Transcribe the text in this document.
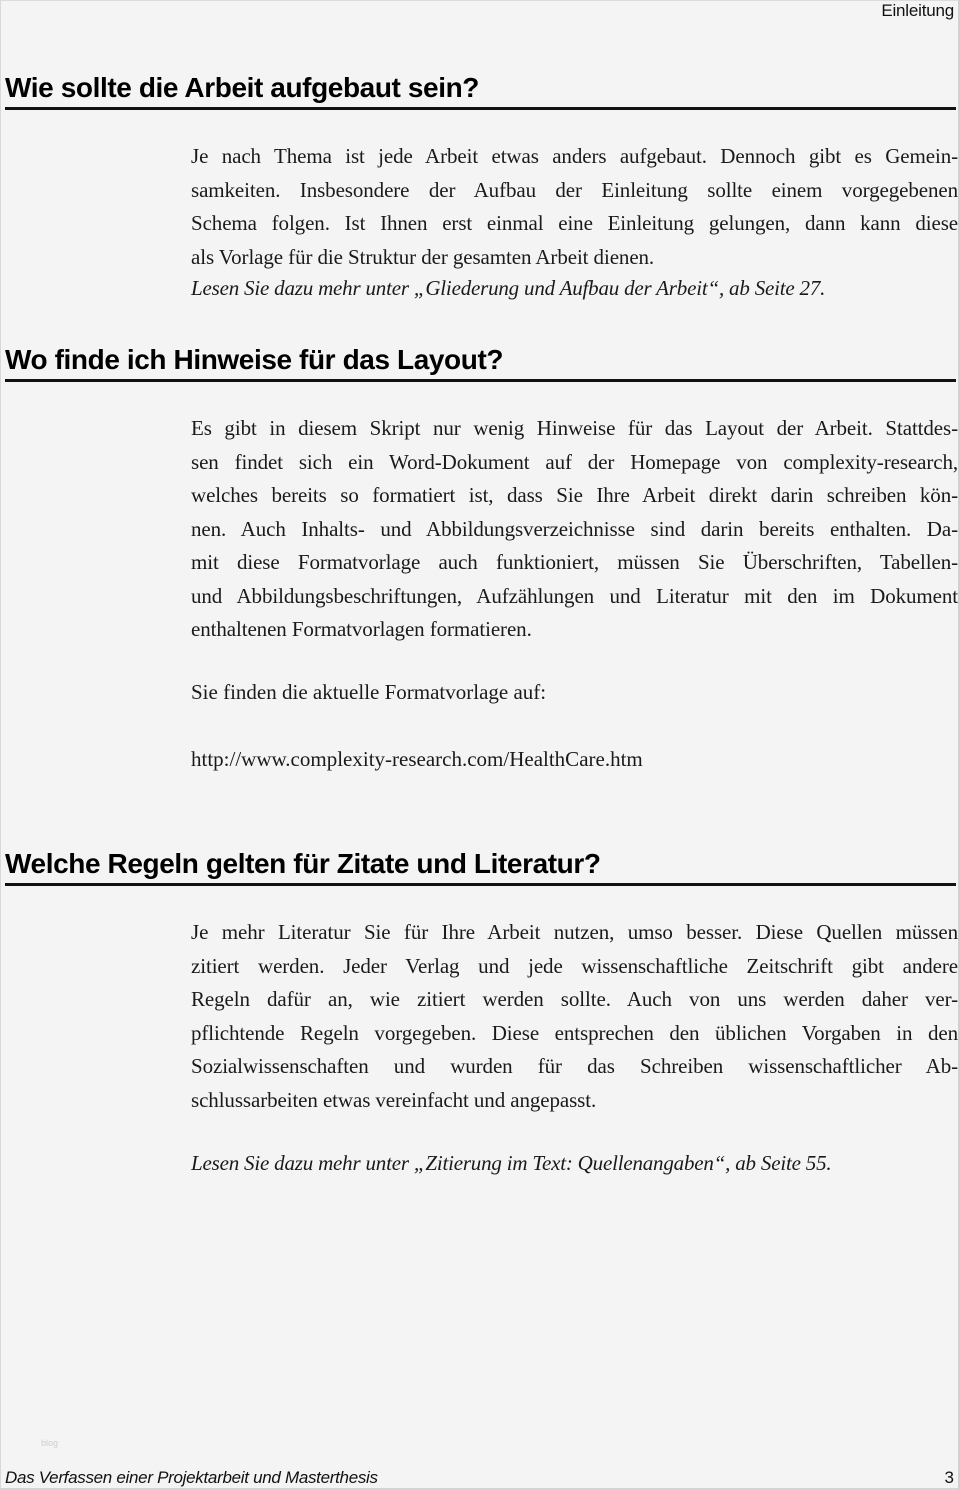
Einleitung
Wie sollte die Arbeit aufgebaut sein?
Je nach Thema ist jede Arbeit etwas anders aufgebaut. Dennoch gibt es Gemein-
samkeiten. Insbesondere der Aufbau der Einleitung sollte einem vorgegebenen
Schema folgen. Ist Ihnen erst einmal eine Einleitung gelungen, dann kann diese
als Vorlage für die Struktur der gesamten Arbeit dienen.
Lesen Sie dazu mehr unter „Gliederung und Aufbau der Arbeit“, ab Seite 27.
Wo finde ich Hinweise für das Layout?
Es gibt in diesem Skript nur wenig Hinweise für das Layout der Arbeit. Stattdes-
sen findet sich ein Word-Dokument auf der Homepage von complexity-research,
welches bereits so formatiert ist, dass Sie Ihre Arbeit direkt darin schreiben kön-
nen. Auch Inhalts- und Abbildungsverzeichnisse sind darin bereits enthalten. Da-
mit diese Formatvorlage auch funktioniert, müssen Sie Überschriften, Tabellen-
und Abbildungsbeschriftungen, Aufzählungen und Literatur mit den im Dokument
enthaltenen Formatvorlagen formatieren.
Sie finden die aktuelle Formatvorlage auf:
http://www.complexity-research.com/HealthCare.htm
Welche Regeln gelten für Zitate und Literatur?
Je mehr Literatur Sie für Ihre Arbeit nutzen, umso besser. Diese Quellen müssen
zitiert werden. Jeder Verlag und jede wissenschaftliche Zeitschrift gibt andere
Regeln dafür an, wie zitiert werden sollte. Auch von uns werden daher ver-
pflichtende Regeln vorgegeben. Diese entsprechen den üblichen Vorgaben in den
Sozialwissenschaften und wurden für das Schreiben wissenschaftlicher Ab-
schlussarbeiten etwas vereinfacht und angepasst.
Lesen Sie dazu mehr unter „Zitierung im Text: Quellenangaben“, ab Seite 55.
blog
Das Verfassen einer Projektarbeit und Masterthesis	3
